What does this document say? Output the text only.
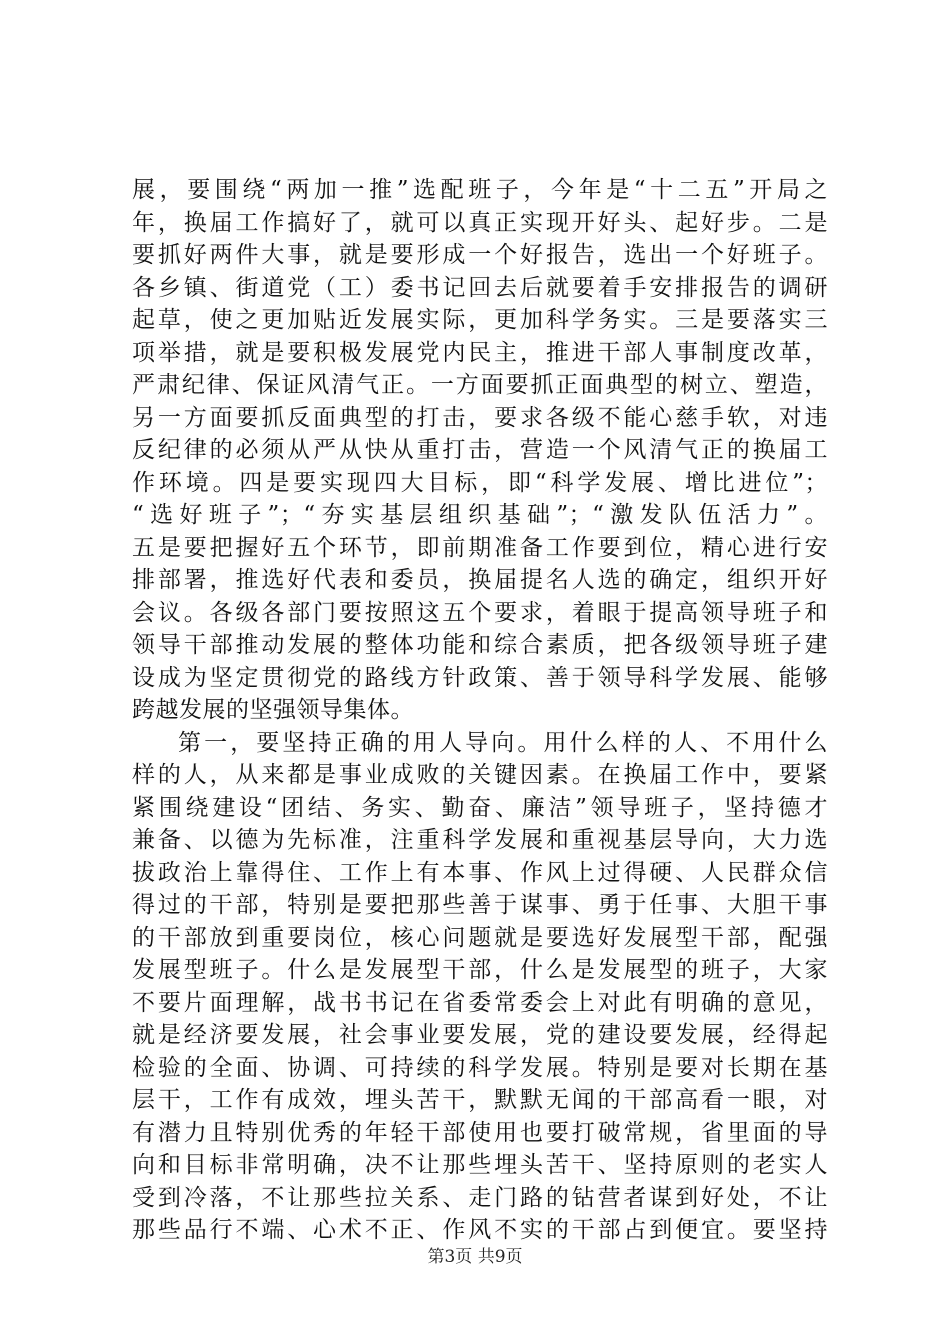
展，要围绕“两加一推”选配班子，今年是“十二五”开局之
年，换届工作搞好了，就可以真正实现开好头、起好步。二是
要抓好两件大事，就是要形成一个好报告，选出一个好班子。
各乡镇、街道党（工）委书记回去后就要着手安排报告的调研
起草，使之更加贴近发展实际，更加科学务实。三是要落实三
项举措，就是要积极发展党内民主，推进干部人事制度改革，
严肃纪律、保证风清气正。一方面要抓正面典型的树立、塑造，
另一方面要抓反面典型的打击，要求各级不能心慈手软，对违
反纪律的必须从严从快从重打击，营造一个风清气正的换届工
作环境。四是要实现四大目标，即“科学发展、增比进位”；
“选好班子”；“夯实基层组织基础”；“激发队伍活力”。
五是要把握好五个环节，即前期准备工作要到位，精心进行安
排部署，推选好代表和委员，换届提名人选的确定，组织开好
会议。各级各部门要按照这五个要求，着眼于提高领导班子和
领导干部推动发展的整体功能和综合素质，把各级领导班子建
设成为坚定贯彻党的路线方针政策、善于领导科学发展、能够
跨越发展的坚强领导集体。
第一，要坚持正确的用人导向。用什么样的人、不用什么
样的人，从来都是事业成败的关键因素。在换届工作中，要紧
紧围绕建设“团结、务实、勤奋、廉洁”领导班子，坚持德才
兼备、以德为先标准，注重科学发展和重视基层导向，大力选
拔政治上靠得住、工作上有本事、作风上过得硬、人民群众信
得过的干部，特别是要把那些善于谋事、勇于任事、大胆干事
的干部放到重要岗位，核心问题就是要选好发展型干部，配强
发展型班子。什么是发展型干部，什么是发展型的班子，大家
不要片面理解，战书书记在省委常委会上对此有明确的意见，
就是经济要发展，社会事业要发展，党的建设要发展，经得起
检验的全面、协调、可持续的科学发展。特别是要对长期在基
层干，工作有成效，埋头苦干，默默无闻的干部高看一眼，对
有潜力且特别优秀的年轻干部使用也要打破常规，省里面的导
向和目标非常明确，决不让那些埋头苦干、坚持原则的老实人
受到冷落，不让那些拉关系、走门路的钻营者谋到好处，不让
那些品行不端、心术不正、作风不实的干部占到便宜。要坚持
第3页 共9页
